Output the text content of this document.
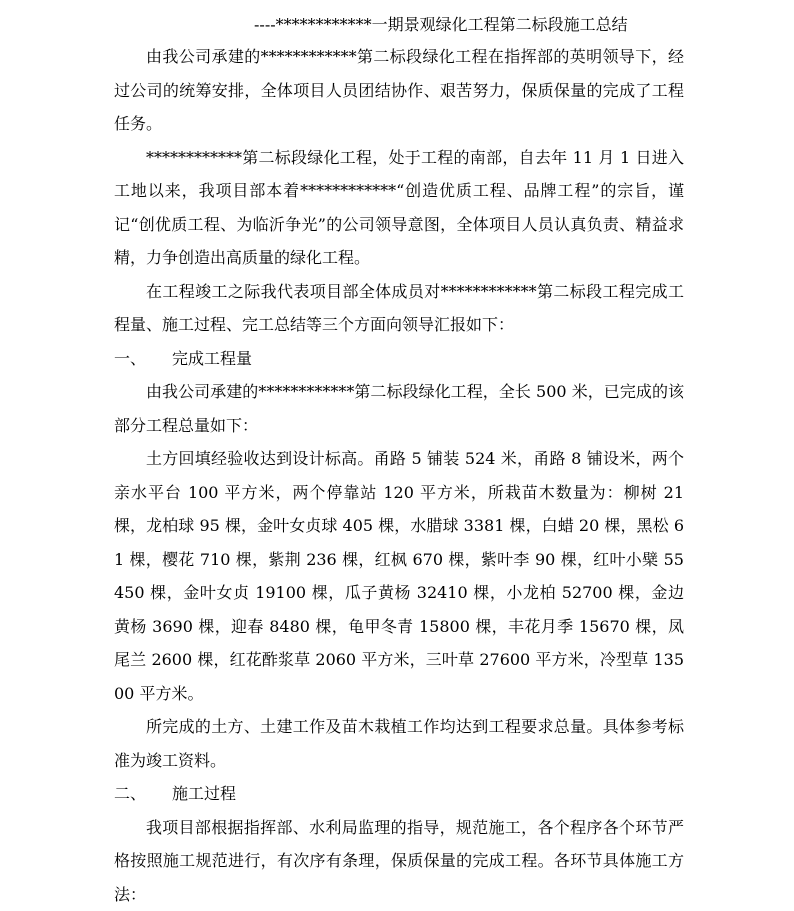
----************一期景观绿化工程第二标段施工总结

由我公司承建的************第二标段绿化工程在指挥部的英明领导下，经过公司的统筹安排，全体项目人员团结协作、艰苦努力，保质保量的完成了工程任务。

************第二标段绿化工程，处于工程的南部，自去年 11 月 1 日进入工地以来，我项目部本着************“创造优质工程、品牌工程”的宗旨，谨记“创优质工程、为临沂争光”的公司领导意图，全体项目人员认真负责、精益求精，力争创造出高质量的绿化工程。

在工程竣工之际我代表项目部全体成员对************第二标段工程完成工程量、施工过程、完工总结等三个方面向领导汇报如下：

一、 完成工程量

由我公司承建的************第二标段绿化工程，全长 500 米，已完成的该部分工程总量如下：

土方回填经验收达到设计标高。甬路 5 铺装 524 米，甬路 8 铺设米，两个亲水平台 100 平方米，两个停靠站 120 平方米，所栽苗木数量为：柳树 21 棵，龙柏球 95 棵，金叶女贞球 405 棵，水腊球 3381 棵，白蜡 20 棵，黑松 61 棵，樱花 710 棵，紫荆 236 棵，红枫 670 棵，紫叶李 90 棵，红叶小檗 55450 棵，金叶女贞 19100 棵，瓜子黄杨 32410 棵，小龙柏 52700 棵，金边黄杨 3690 棵，迎春 8480 棵，龟甲冬青 15800 棵，丰花月季 15670 棵，凤尾兰 2600 棵，红花酢浆草 2060 平方米，三叶草 27600 平方米，冷型草 13500 平方米。

所完成的土方、土建工作及苗木栽植工作均达到工程要求总量。具体参考标准为竣工资料。

二、 施工过程

我项目部根据指挥部、水利局监理的指导，规范施工，各个程序各个环节严格按照施工规范进行，有次序有条理，保质保量的完成工程。各环节具体施工方法：
